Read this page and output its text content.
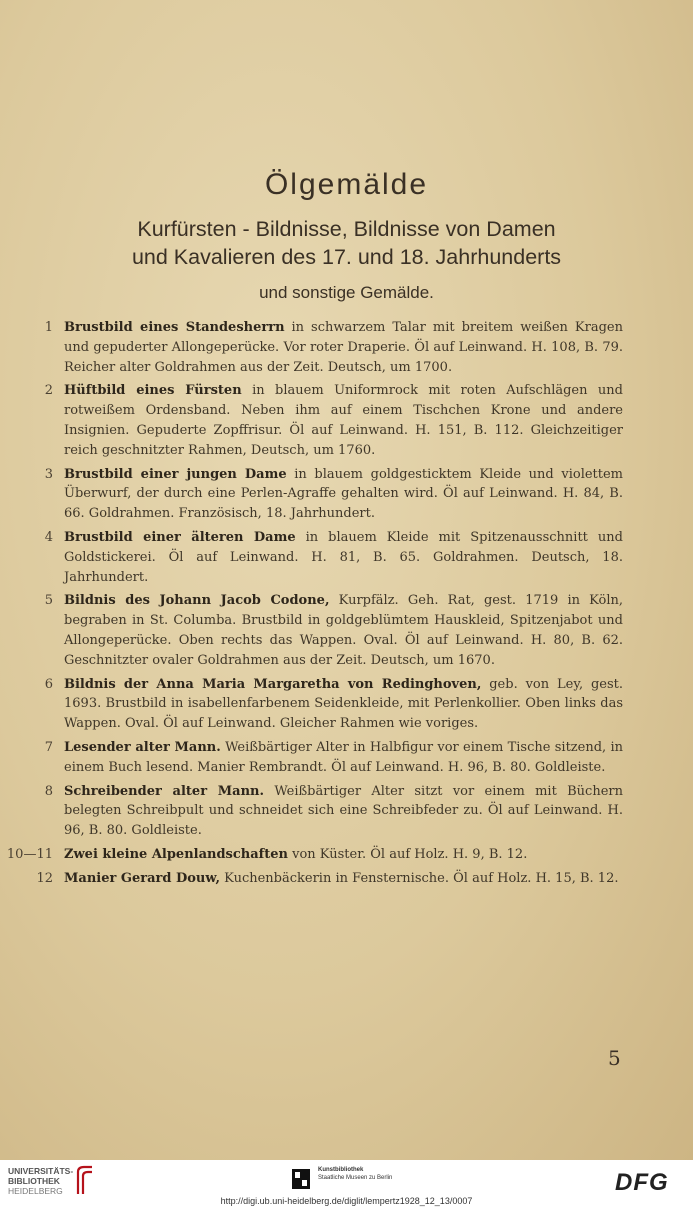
Ölgemälde
Kurfürsten - Bildnisse, Bildnisse von Damen
und Kavalieren des 17. und 18. Jahrhunderts
und sonstige Gemälde.
1 Brustbild eines Standesherrn in schwarzem Talar mit breitem weißen Kragen und gepuderter Allongeperücke. Vor roter Draperie. Öl auf Leinwand. H. 108, B. 79. Reicher alter Goldrahmen aus der Zeit. Deutsch, um 1700.
2 Hüftbild eines Fürsten in blauem Uniformrock mit roten Aufschlägen und rotweißem Ordensband. Neben ihm auf einem Tischchen Krone und andere Insignien. Gepuderte Zopffrisur. Öl auf Leinwand. H. 151, B. 112. Gleichzeitiger reich geschnitzter Rahmen, Deutsch, um 1760.
3 Brustbild einer jungen Dame in blauem goldgesticktem Kleide und violettem Überwurf, der durch eine Perlen-Agraffe gehalten wird. Öl auf Leinwand. H. 84, B. 66. Goldrahmen. Französisch, 18. Jahrhundert.
4 Brustbild einer älteren Dame in blauem Kleide mit Spitzenausschnitt und Goldstickerei. Öl auf Leinwand. H. 81, B. 65. Goldrahmen. Deutsch, 18. Jahrhundert.
5 Bildnis des Johann Jacob Codone, Kurpfälz. Geh. Rat, gest. 1719 in Köln, begraben in St. Columba. Brustbild in goldgeblümtem Hauskleid, Spitzenjabot und Allongeperücke. Oben rechts das Wappen. Oval. Öl auf Leinwand. H. 80, B. 62. Geschnitzter ovaler Goldrahmen aus der Zeit. Deutsch, um 1670.
6 Bildnis der Anna Maria Margaretha von Redinghoven, geb. von Ley, gest. 1693. Brustbild in isabellenfarbenem Seidenkleide, mit Perlenkollier. Oben links das Wappen. Oval. Öl auf Leinwand. Gleicher Rahmen wie voriges.
7 Lesender alter Mann. Weißbärtiger Alter in Halbfigur vor einem Tische sitzend, in einem Buch lesend. Manier Rembrandt. Öl auf Leinwand. H. 96, B. 80. Goldleiste.
8 Schreibender alter Mann. Weißbärtiger Alter sitzt vor einem mit Büchern belegten Schreibpult und schneidet sich eine Schreibfeder zu. Öl auf Leinwand. H. 96, B. 80. Goldleiste.
10—11 Zwei kleine Alpenlandschaften von Küster. Öl auf Holz. H. 9, B. 12.
12 Manier Gerard Douw, Kuchenbäckerin in Fensternische. Öl auf Holz. H. 15, B. 12.
5
UNIVERSITÄTS-
BIBLIOTHEK
HEIDELBERG
Kunstbibliothek
Staatliche Museen zu Berlin	DFG
http://digi.ub.uni-heidelberg.de/diglit/lempertz1928_12_13/0007
